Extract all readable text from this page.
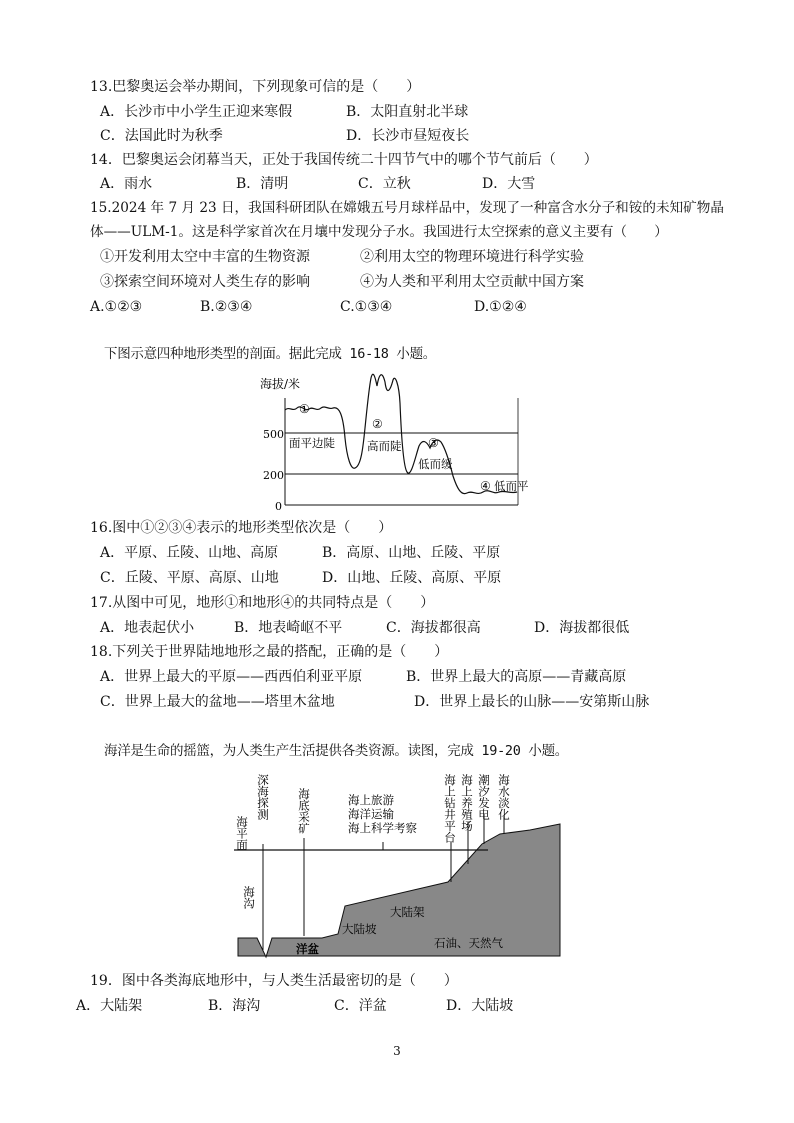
13.巴黎奥运会举办期间，下列现象可信的是（　　）
A．长沙市中小学生正迎来寒假	B．太阳直射北半球
C．法国此时为秋季	D．长沙市昼短夜长
14．巴黎奥运会闭幕当天，正处于我国传统二十四节气中的哪个节气前后（　　）
A．雨水	B．清明	C．立秋	D．大雪
15.2024 年 7 月 23 日，我国科研团队在嫦娥五号月球样品中，发现了一种富含水分子和铵的未知矿物晶
体——ULM-1。这是科学家首次在月壤中发现分子水。我国进行太空探索的意义主要有（　　）
①开发利用太空中丰富的生物资源	②利用太空的物理环境进行科学实验
③探索空间环境对人类生存的影响	④为人类和平利用太空贡献中国方案
A.①②③	B.②③④	C.①③④	D.①②④
下图示意四种地形类型的剖面。据此完成 16-18 小题。
海拔/米
500
200
0
①
②
③
④
面平边陡	高而陡
低而缓
低而平
16.图中①②③④表示的地形类型依次是（　　）
A．平原、丘陵、山地、高原	B．高原、山地、丘陵、平原
C．丘陵、平原、高原、山地	D．山地、丘陵、高原、平原
17.从图中可见，地形①和地形④的共同特点是（　　）
A．地表起伏小	B．地表崎岖不平	C．海拔都很高	D．海拔都很低
18.下列关于世界陆地地形之最的搭配，正确的是（　　）
A．世界上最大的平原——西西伯利亚平原	B．世界上最大的高原——青藏高原
C．世界上最大的盆地——塔里木盆地	D．世界上最长的山脉——安第斯山脉
海洋是生命的摇篮，为人类生产生活提供各类资源。读图，完成 19-20 小题。
海平面
深海探测 海底采矿	海上钻井平台 海上养殖场 潮汐发电 海水淡化
海沟
海上旅游
海洋运输
海上科学考察
洋盆
大陆坡
大陆架
石油、天然气
19．图中各类海底地形中，与人类生活最密切的是（　　）
A．大陆架	B．海沟	C．洋盆	D．大陆坡
3
